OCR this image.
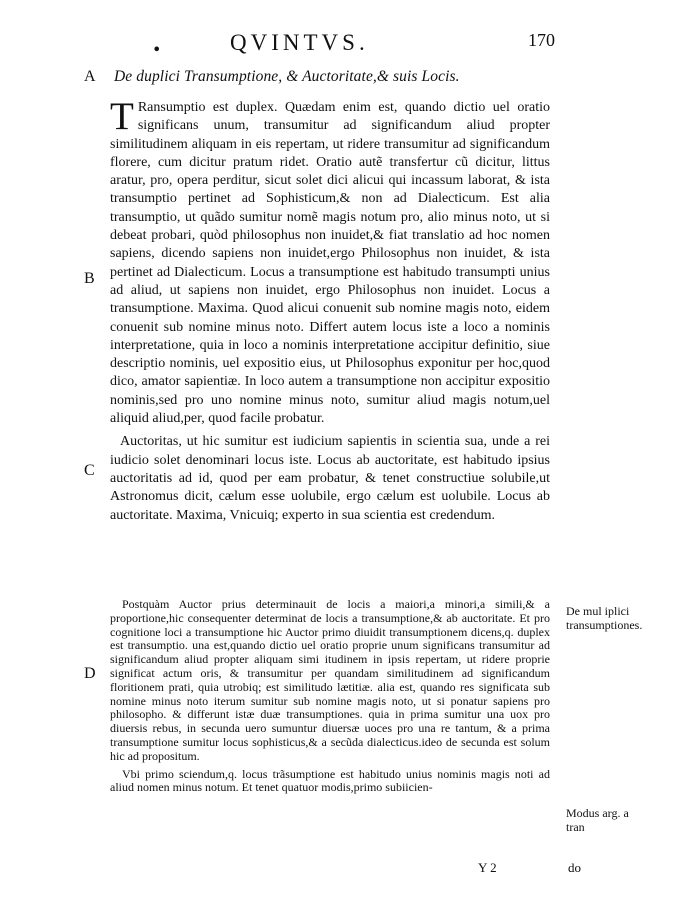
•	QVINTVS.	170
A
B
C
D
De duplici Transumptione, & Auctoritate,& suis Locis.

T Ransumptio est duplex. Quædam enim est, quando dictio uel oratio significans unum, transumitur ad significandum aliud propter similitudinem aliquam in eis repertam, ut ridere transumitur ad significandum florere, cum dicitur pratum ridet. Oratio autẽ transfertur cũ dicitur, littus aratur, pro, opera perditur, sicut solet dici alicui qui incassum laborat, & ista transumptio pertinet ad Sophisticum,& non ad Dialecticum. Est alia transumptio, ut quãdo sumitur nomẽ magis notum pro, alio minus noto, ut si debeat probari, quòd philosophus non inuidet,& fiat translatio ad hoc nomen sapiens, dicendo sapiens non inuidet,ergo Philosophus non inuidet, & ista pertinet ad Dialecticum. Locus a transumptione est habitudo transumpti unius ad aliud, ut sapiens non inuidet, ergo Philosophus non inuidet. Locus a transumptione. Maxima. Quod alicui conuenit sub nomine magis noto, eidem conuenit sub nomine minus noto. Differt autem locus iste a loco a nominis interpretatione, quia in loco a nominis interpretatione accipitur definitio, siue descriptio nominis, uel expositio eius, ut Philosophus exponitur per hoc,quod dico, amator sapientiæ. In loco autem a transumptione non accipitur expositio nominis,sed pro uno nomine minus noto, sumitur aliud magis notum,uel aliquid aliud,per, quod facile probatur.

Auctoritas, ut hic sumitur est iudicium sapientis in scientia sua, unde a rei iudicio solet denominari locus iste. Locus ab auctoritate, est habitudo ipsius auctoritatis ad id, quod per eam probatur, & tenet constructiue solubile,ut Astronomus dicit, cælum esse uolubile, ergo cælum est uolubile. Locus ab auctoritate. Maxima, Vnicuiq; experto in sua scientia est credendum.

Postquàm Auctor prius determinauit de locis a maiori,a minori,a simili,& a proportione,hic consequenter determinat de locis a transumptione,& ab auctoritate. Et pro cognitione loci a transumptione hic Auctor primo diuidit transumptionem dicens,q. duplex est transumptio. una est,quando dictio uel oratio proprie unum significans transumitur ad significandum aliud propter aliquam simi itudinem in ipsis repertam, ut ridere proprie significat actum oris, & transumitur per quandam similitudinem ad significandum floritionem prati, quia utrobiq; est similitudo lætitiæ. alia est, quando res significata sub nomine minus noto iterum sumitur sub nomine magis noto, ut si ponatur sapiens pro philosopho. & differunt istæ duæ transumptiones. quia in prima sumitur una uox pro diuersis rebus, in secunda uero sumuntur diuersæ uoces pro una re tantum, & a prima transumptione sumitur locus sophisticus,& a secũda dialecticus.ideo de secunda est solum hic ad propositum.

Vbi primo sciendum,q. locus trãsumptione est habitudo unius nominis magis noti ad aliud nomen minus notum. Et tenet quatuor modis,primo subiicien-

De mul iplici transumptiones.
Modus arg. a tran
Y 2	do
